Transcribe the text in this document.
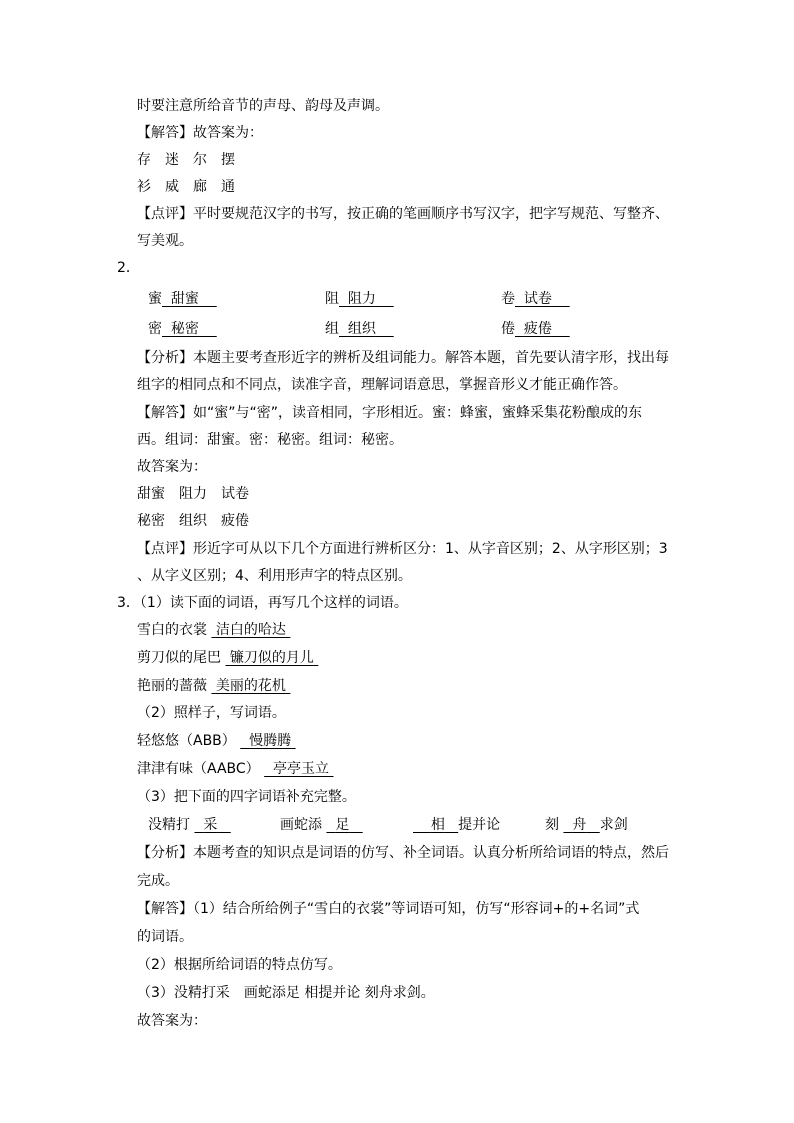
时要注意所给音节的声母、韵母及声调。
【解答】故答案为：
存 迷 尔 摆
衫 威 廊 通
【点评】平时要规范汉字的书写，按正确的笔画顺序书写汉字，把字写规范、写整齐、
写美观。
2．
蜜 甜蜜	阻 阻力	卷 试卷
密 秘密	组 组织	倦 疲倦
【分析】本题主要考查形近字的辨析及组词能力。解答本题，首先要认清字形，找出每
组字的相同点和不同点，读准字音，理解词语意思，掌握音形义才能正确作答。
【解答】如“蜜”与“密”，读音相同，字形相近。蜜：蜂蜜，蜜蜂采集花粉酿成的东
西。组词：甜蜜。密：秘密。组词：秘密。
故答案为：
甜蜜　阻力　试卷
秘密　组织　疲倦
【点评】形近字可从以下几个方面进行辨析区分：1、从字音区别；2、从字形区别；3
、从字义区别；4、利用形声字的特点区别。
3．（1）读下面的词语，再写几个这样的词语。
雪白的衣裳 洁白的哈达
剪刀似的尾巴 镰刀似的月儿
艳丽的蔷薇 美丽的花机
（2）照样子，写词语。
轻悠悠（ABB） 慢腾腾
津津有味（AABC） 亭亭玉立
（3）把下面的四字词语补充完整。
没精打 采	画蛇添 足	相 提并论	刻 舟 求剑
【分析】本题考查的知识点是词语的仿写、补全词语。认真分析所给词语的特点，然后
完成。
【解答】（1）结合所给例子“雪白的衣裳”等词语可知，仿写“形容词+的+名词”式
的词语。
（2）根据所给词语的特点仿写。
（3）没精打采　画蛇添足 相提并论 刻舟求剑。
故答案为：
